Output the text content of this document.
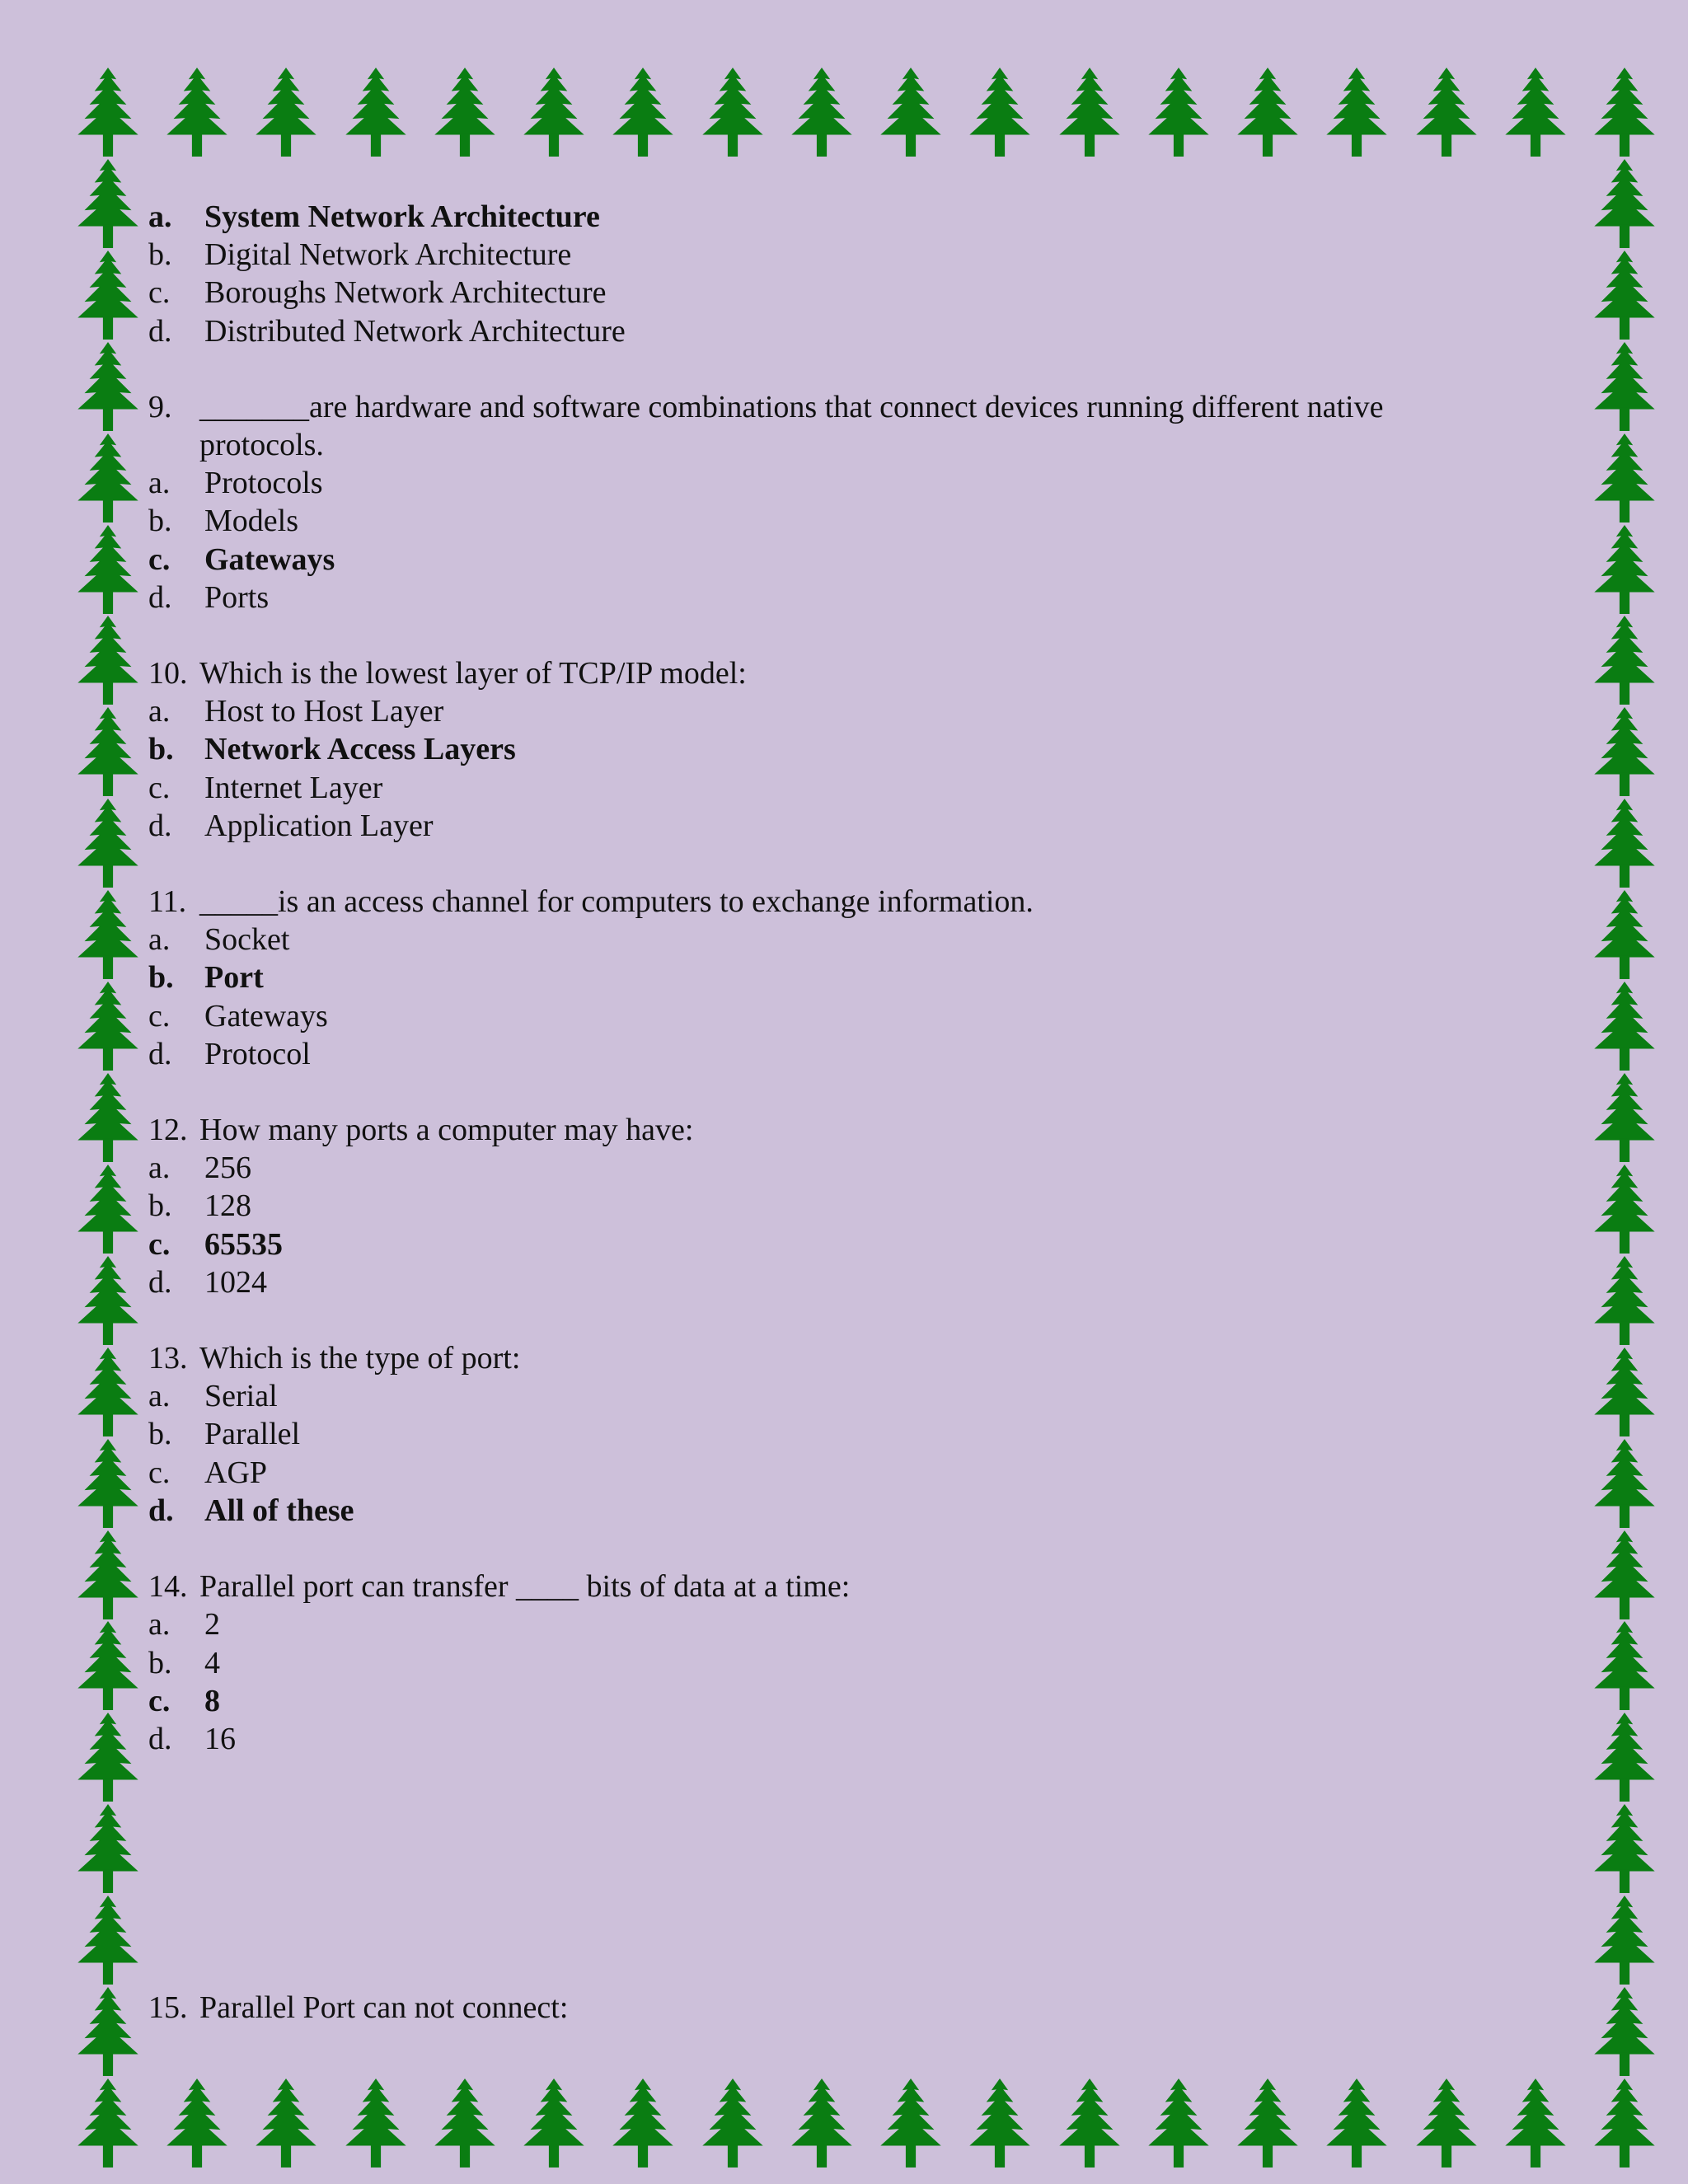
a.	System Network Architecture
b.	Digital Network Architecture
c.	Boroughs Network Architecture
d.	Distributed Network Architecture
9. _______are hardware and software combinations that connect devices running different native protocols.
a.	Protocols
b.	Models
c.	Gateways
d.	Ports
10. Which is the lowest layer of TCP/IP model:
a.	Host to Host Layer
b. Network Access Layers
c.	Internet Layer
d.	Application Layer
11. _____is an access channel for computers to exchange information.
a.	Socket
b. Port
c.	Gateways
d.	Protocol
12. How many ports a computer may have:
a.	256
b.	128
c.	65535
d.	1024
13. Which is the type of port:
a.	Serial
b.	Parallel
c.	AGP
d. All of these
14. Parallel port can transfer ____ bits of data at a time:
a.	2
b.	4
c.	8
d.	16
15. Parallel Port can not connect:
